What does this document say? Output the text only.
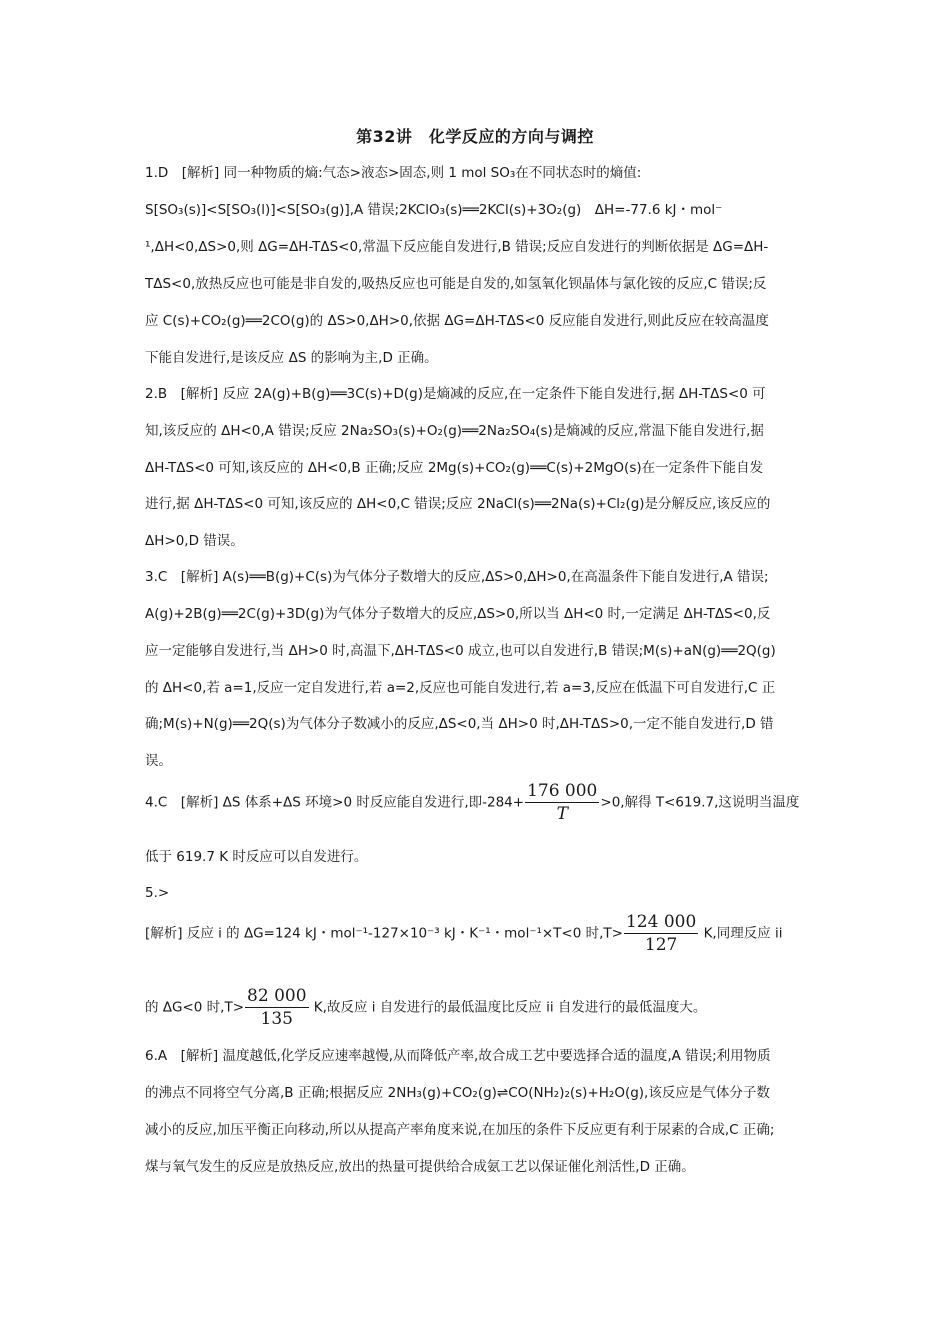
第32讲　化学反应的方向与调控
1.D　[解析] 同一种物质的熵:气态>液态>固态,则 1 mol SO₃在不同状态时的熵值:
S[SO₃(s)]<S[SO₃(l)]<S[SO₃(g)],A 错误;2KClO₃(s)══2KCl(s)+3O₂(g)　ΔH=-77.6 kJ・mol⁻
¹,ΔH<0,ΔS>0,则 ΔG=ΔH-TΔS<0,常温下反应能自发进行,B 错误;反应自发进行的判断依据是 ΔG=ΔH-
TΔS<0,放热反应也可能是非自发的,吸热反应也可能是自发的,如氢氧化钡晶体与氯化铵的反应,C 错误;反
应 C(s)+CO₂(g)══2CO(g)的 ΔS>0,ΔH>0,依据 ΔG=ΔH-TΔS<0 反应能自发进行,则此反应在较高温度
下能自发进行,是该反应 ΔS 的影响为主,D 正确。
2.B　[解析] 反应 2A(g)+B(g)══3C(s)+D(g)是熵减的反应,在一定条件下能自发进行,据 ΔH-TΔS<0 可
知,该反应的 ΔH<0,A 错误;反应 2Na₂SO₃(s)+O₂(g)══2Na₂SO₄(s)是熵减的反应,常温下能自发进行,据
ΔH-TΔS<0 可知,该反应的 ΔH<0,B 正确;反应 2Mg(s)+CO₂(g)══C(s)+2MgO(s)在一定条件下能自发
进行,据 ΔH-TΔS<0 可知,该反应的 ΔH<0,C 错误;反应 2NaCl(s)══2Na(s)+Cl₂(g)是分解反应,该反应的
ΔH>0,D 错误。
3.C　[解析] A(s)══B(g)+C(s)为气体分子数增大的反应,ΔS>0,ΔH>0,在高温条件下能自发进行,A 错误;
A(g)+2B(g)══2C(g)+3D(g)为气体分子数增大的反应,ΔS>0,所以当 ΔH<0 时,一定满足 ΔH-TΔS<0,反
应一定能够自发进行,当 ΔH>0 时,高温下,ΔH-TΔS<0 成立,也可以自发进行,B 错误;M(s)+aN(g)══2Q(g)
的 ΔH<0,若 a=1,反应一定自发进行,若 a=2,反应也可能自发进行,若 a=3,反应在低温下可自发进行,C 正
确;M(s)+N(g)══2Q(s)为气体分子数减小的反应,ΔS<0,当 ΔH>0 时,ΔH-TΔS>0,一定不能自发进行,D 错
误。
4.C　[解析] ΔS 体系+ΔS 环境>0 时反应能自发进行,即$-284+ \frac{176 000}{T} >0$,解得 T<619.7,这说明当温度
低于 619.7 K 时反应可以自发进行。
5.>
[解析] 反应 i 的 ΔG=124 kJ・mol⁻¹-127×10⁻³ kJ・K⁻¹・mol⁻¹×T<0 时$,T> \frac{124 000}{127} K$,同理反应 ii
的 ΔG<0 时$,T> \frac{82 000}{135} K$,故反应 i 自发进行的最低温度比反应 ii 自发进行的最低温度大。
6.A　[解析] 温度越低,化学反应速率越慢,从而降低产率,故合成工艺中要选择合适的温度,A 错误;利用物质
的沸点不同将空气分离,B 正确;根据反应 2NH₃(g)+CO₂(g)⇌CO(NH₂)₂(s)+H₂O(g),该反应是气体分子数
减小的反应,加压平衡正向移动,所以从提高产率角度来说,在加压的条件下反应更有利于尿素的合成,C 正确;
煤与氧气发生的反应是放热反应,放出的热量可提供给合成氨工艺以保证催化剂活性,D 正确。
